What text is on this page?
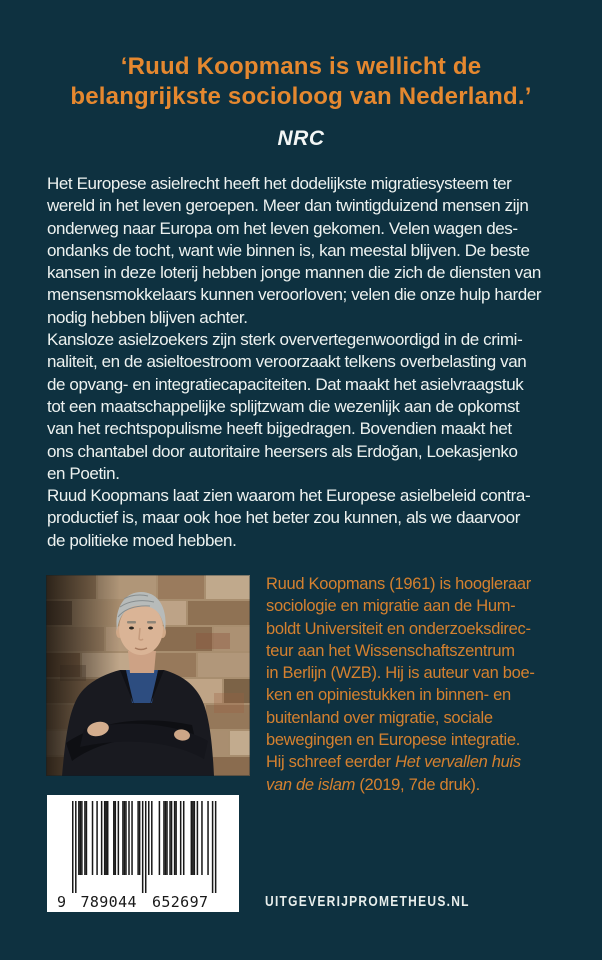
‘Ruud Koopmans is wellicht de
belangrijkste socioloog van Nederland.’
NRC
Het Europese asielrecht heeft het dodelijkste migratiesysteem ter
wereld in het leven geroepen. Meer dan twintigduizend mensen zijn
onderweg naar Europa om het leven gekomen. Velen wagen des-
ondanks de tocht, want wie binnen is, kan meestal blijven. De beste
kansen in deze loterij hebben jonge mannen die zich de diensten van
mensensmokkelaars kunnen veroorloven; velen die onze hulp harder
nodig hebben blijven achter.
Kansloze asielzoekers zijn sterk oververtegenwoordigd in de crimi-
naliteit, en de asieltoestroom veroorzaakt telkens overbelasting van
de opvang- en integratiecapaciteiten. Dat maakt het asielvraagstuk
tot een maatschappelijke splijtzwam die wezenlijk aan de opkomst
van het rechtspopulisme heeft bijgedragen. Bovendien maakt het
ons chantabel door autoritaire heersers als Erdoğan, Loekasjenko
en Poetin.
Ruud Koopmans laat zien waarom het Europese asielbeleid contra-
productief is, maar ook hoe het beter zou kunnen, als we daarvoor
de politieke moed hebben.
Ruud Koopmans (1961) is hoogleraar
sociologie en migratie aan de Hum-
boldt Universiteit en onderzoeksdirec-
teur aan het Wissenschaftszentrum
in Berlijn (WZB). Hij is auteur van boe-
ken en opiniestukken in binnen- en
buitenland over migratie, sociale
bewegingen en Europese integratie.
Hij schreef eerder Het vervallen huis
van de islam (2019, 7de druk).
9 789044 652697	UITGEVERIJPROMETHEUS.NL
